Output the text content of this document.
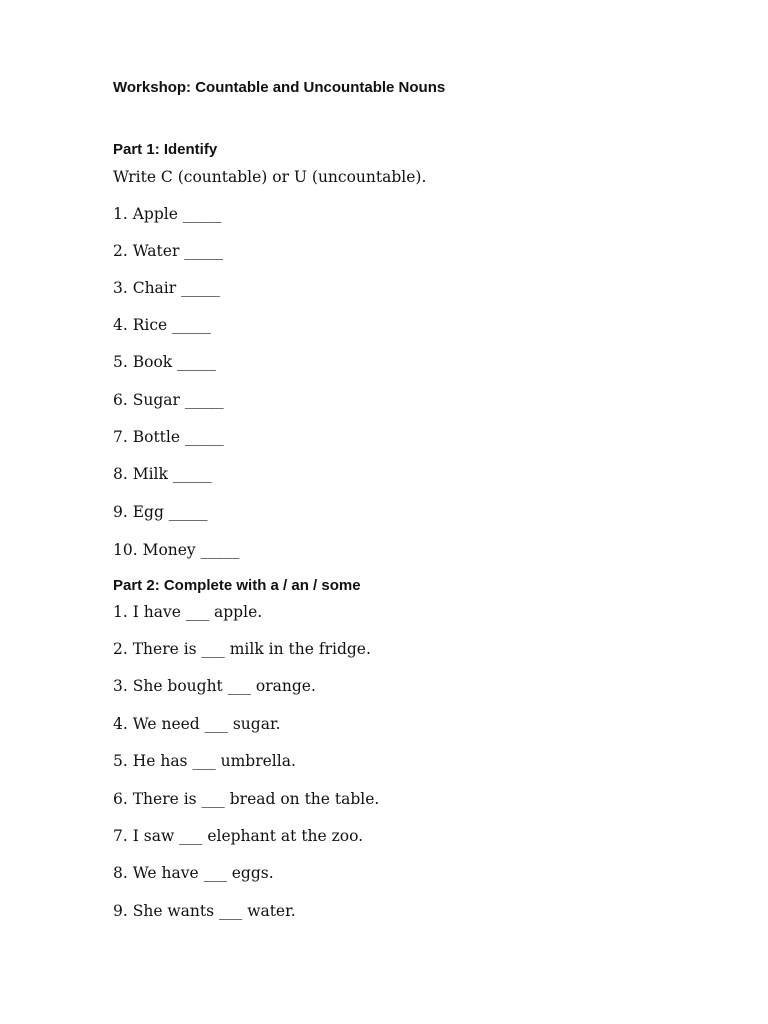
Workshop: Countable and Uncountable Nouns
Part 1: Identify
Write C (countable) or U (uncountable).
1. Apple _____
2. Water _____
3. Chair _____
4. Rice _____
5. Book _____
6. Sugar _____
7. Bottle _____
8. Milk _____
9. Egg _____
10. Money _____
Part 2: Complete with a / an / some
1. I have ___ apple.
2. There is ___ milk in the fridge.
3. She bought ___ orange.
4. We need ___ sugar.
5. He has ___ umbrella.
6. There is ___ bread on the table.
7. I saw ___ elephant at the zoo.
8. We have ___ eggs.
9. She wants ___ water.
